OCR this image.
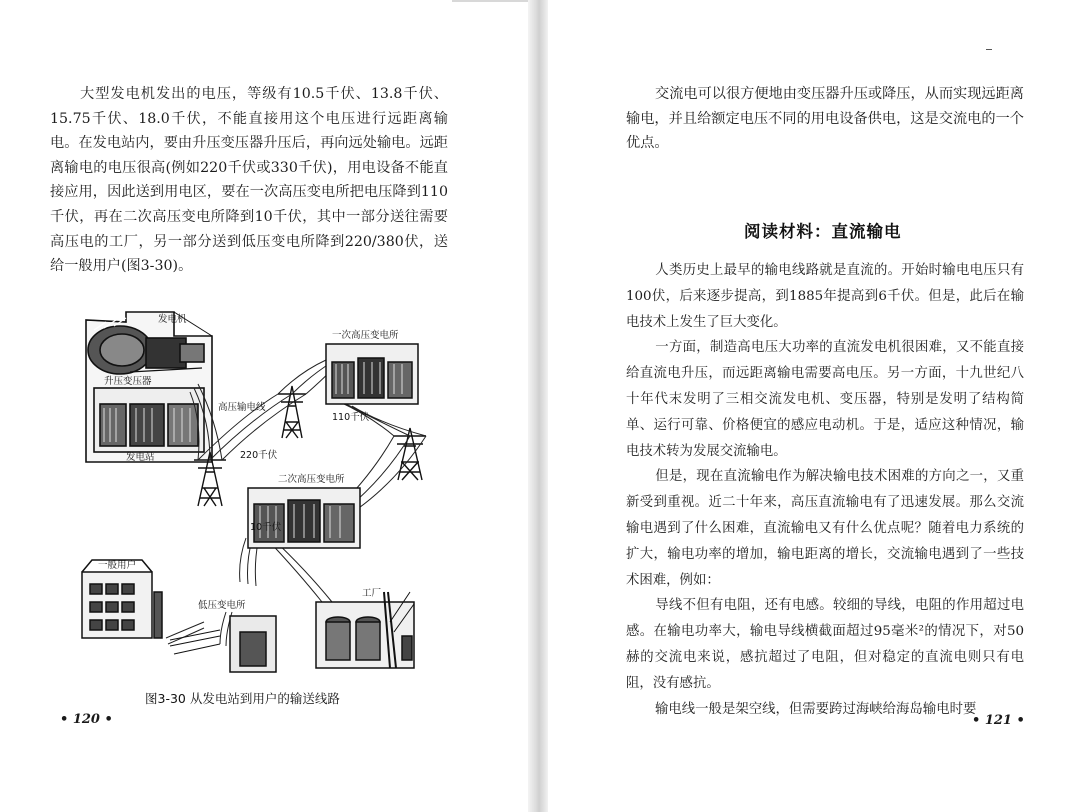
大型发电机发出的电压，等级有10.5千伏、13.8千伏、15.75千伏、18.0千伏，不能直接用这个电压进行远距离输电。在发电站内，要由升压变压器升压后，再向远处输电。远距离输电的电压很高(例如220千伏或330千伏)，用电设备不能直接应用，因此送到用电区，要在一次高压变电所把电压降到110千伏，再在二次高压变电所降到10千伏，其中一部分送往需要高压电的工厂，另一部分送到低压变电所降到220/380伏，送给一般用户(图3-30)。

发电机
升压变压器
发电站
高压输电线
220千伏
一次高压变电所
110千伏
二次高压变电所
10千伏
一般用户
低压变电所
工厂

图3-30 从发电站到用户的输送线路

• 120 •

交流电可以很方便地由变压器升压或降压，从而实现远距离输电，并且给额定电压不同的用电设备供电，这是交流电的一个优点。

阅读材料：直流输电
人类历史上最早的输电线路就是直流的。开始时输电电压只有100伏，后来逐步提高，到1885年提高到6千伏。但是，此后在输电技术上发生了巨大变化。
一方面，制造高电压大功率的直流发电机很困难，又不能直接给直流电升压，而远距离输电需要高电压。另一方面，十九世纪八十年代末发明了三相交流发电机、变压器，特别是发明了结构简单、运行可靠、价格便宜的感应电动机。于是，适应这种情况，输电技术转为发展交流输电。
但是，现在直流输电作为解决输电技术困难的方向之一，又重新受到重视。近二十年来，高压直流输电有了迅速发展。那么交流输电遇到了什么困难，直流输电又有什么优点呢？随着电力系统的扩大，输电功率的增加，输电距离的增长，交流输电遇到了一些技术困难，例如：
导线不但有电阻，还有电感。较细的导线，电阻的作用超过电感。在输电功率大，输电导线横截面超过95毫米²的情况下，对50赫的交流电来说，感抗超过了电阻，但对稳定的直流电则只有电阻，没有感抗。
输电线一般是架空线，但需要跨过海峡给海岛输电时要
• 121 •
